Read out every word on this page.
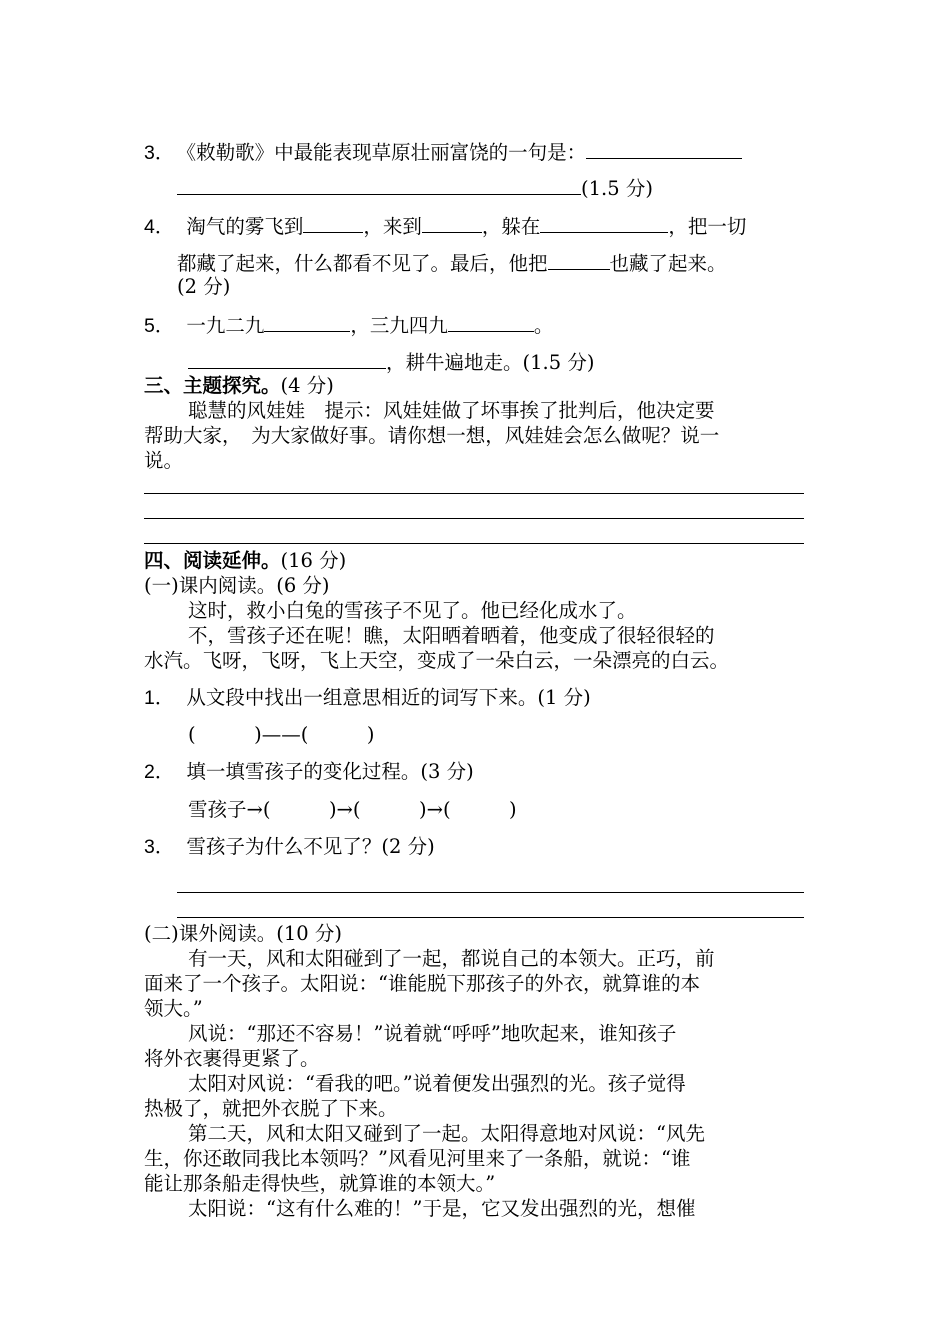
3． 《敕勒歌》中最能表现草原壮丽富饶的一句是：
(1.5 分)
4． 淘气的雾飞到	，来到	，躲在	，把一切
都藏了起来，什么都看不见了。最后，他把	也藏了起来。
(2 分)
5． 一九二九	，三九四九	。
，耕牛遍地走。(1.5 分)
三、主题探究。(4 分)
聪慧的风娃娃　提示：风娃娃做了坏事挨了批判后，他决定要
帮助大家，　为大家做好事。请你想一想，风娃娃会怎么做呢？说一
说。
四、阅读延伸。(16 分)
(一)课内阅读。(6 分)
这时，救小白兔的雪孩子不见了。他已经化成水了。
不，雪孩子还在呢！瞧，太阳晒着晒着，他变成了很轻很轻的
水汽。飞呀，飞呀，飞上天空，变成了一朵白云，一朵漂亮的白云。
1． 从文段中找出一组意思相近的词写下来。(1 分)
(　　　)——(　　　)
2． 填一填雪孩子的变化过程。(3 分)
雪孩子→(　　　)→(　　　)→(　　　)
3． 雪孩子为什么不见了？(2 分)
(二)课外阅读。(10 分)
有一天，风和太阳碰到了一起，都说自己的本领大。正巧，前
面来了一个孩子。太阳说：“谁能脱下那孩子的外衣，就算谁的本
领大。”
风说：“那还不容易！”说着就“呼呼”地吹起来，谁知孩子
将外衣裹得更紧了。
太阳对风说：“看我的吧。”说着便发出强烈的光。孩子觉得
热极了，就把外衣脱了下来。
第二天，风和太阳又碰到了一起。太阳得意地对风说：“风先
生，你还敢同我比本领吗？”风看见河里来了一条船，就说：“谁
能让那条船走得快些，就算谁的本领大。”
太阳说：“这有什么难的！”于是，它又发出强烈的光，想催
